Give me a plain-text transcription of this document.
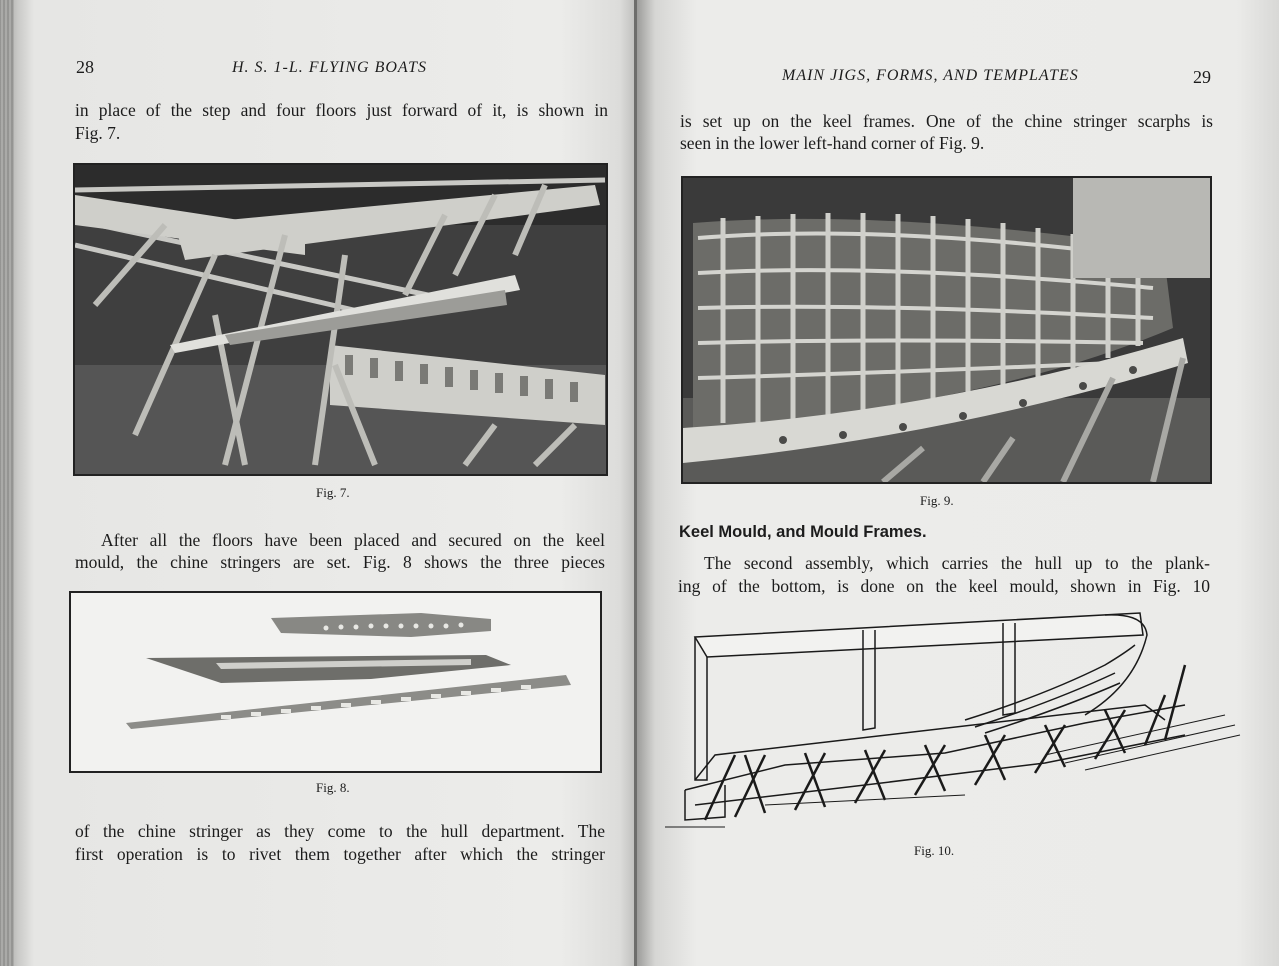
28	H. S. 1-L. FLYING BOATS

in place of the step and four floors just forward of it, is shown in

Fig. 7.

Fig. 7.

After all the floors have been placed and secured on the keel

mould, the chine stringers are set. Fig. 8 shows the three pieces

Fig. 8.

of the chine stringer as they come to the hull department. The

first operation is to rivet them together after which the stringer

MAIN JIGS, FORMS, AND TEMPLATES	29

is set up on the keel frames. One of the chine stringer scarphs is

seen in the lower left-hand corner of Fig. 9.

Fig. 9.
Keel Mould, and Mould Frames.

The second assembly, which carries the hull up to the plank-

ing of the bottom, is done on the keel mould, shown in Fig. 10

Fig. 10.
